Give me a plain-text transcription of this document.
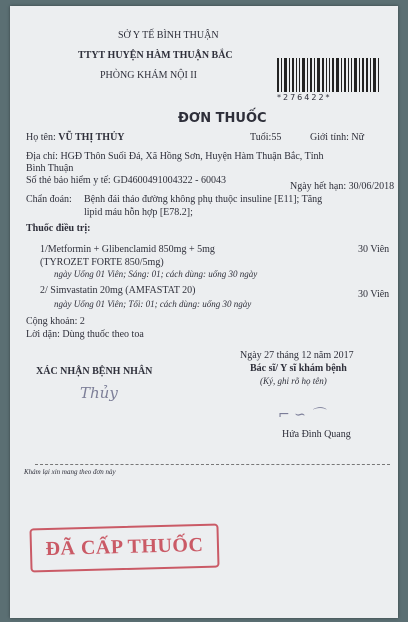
SỞ Y TẾ BÌNH THUẬN
TTYT HUYỆN HÀM THUẬN BẮC
PHÒNG KHÁM NỘI II
*276422*
ĐƠN THUỐC
Họ tên: VŨ THỊ THỦY	Tuổi:55	Giới tính: Nữ
Địa chỉ: HGĐ Thôn Suối Đá, Xã Hồng Sơn, Huyện Hàm Thuận Bắc, Tỉnh
Bình Thuận
Số thẻ bảo hiểm y tế: GD4600491004322 - 60043
Ngày hết hạn: 30/06/2018
Chẩn đoán: Bệnh đái tháo đường không phụ thuộc insuline [E11]; Tăng
lipid máu hỗn hợp [E78.2];
Thuốc điều trị:
1/Metformin + Glibenclamid 850mg + 5mg	30 Viên
(TYROZET FORTE 850/5mg)
ngày Uống 01 Viên; Sáng: 01; cách dùng: uống 30 ngày
2/ Simvastatin 20mg (AMFASTAT 20)	30 Viên
ngày Uống 01 Viên; Tối: 01; cách dùng: uống 30 ngày
Cộng khoản: 2
Lời dặn: Dùng thuốc theo toa
Ngày 27 tháng 12 năm 2017
XÁC NHẬN BỆNH NHÂN	Bác sĩ/ Y sĩ khám bệnh
(Ký, ghi rõ họ tên)
Thủy
⌐ ∽ ⌒
Hứa Đình Quang
Khám lại xin mang theo đơn này
ĐÃ CẤP THUỐC
